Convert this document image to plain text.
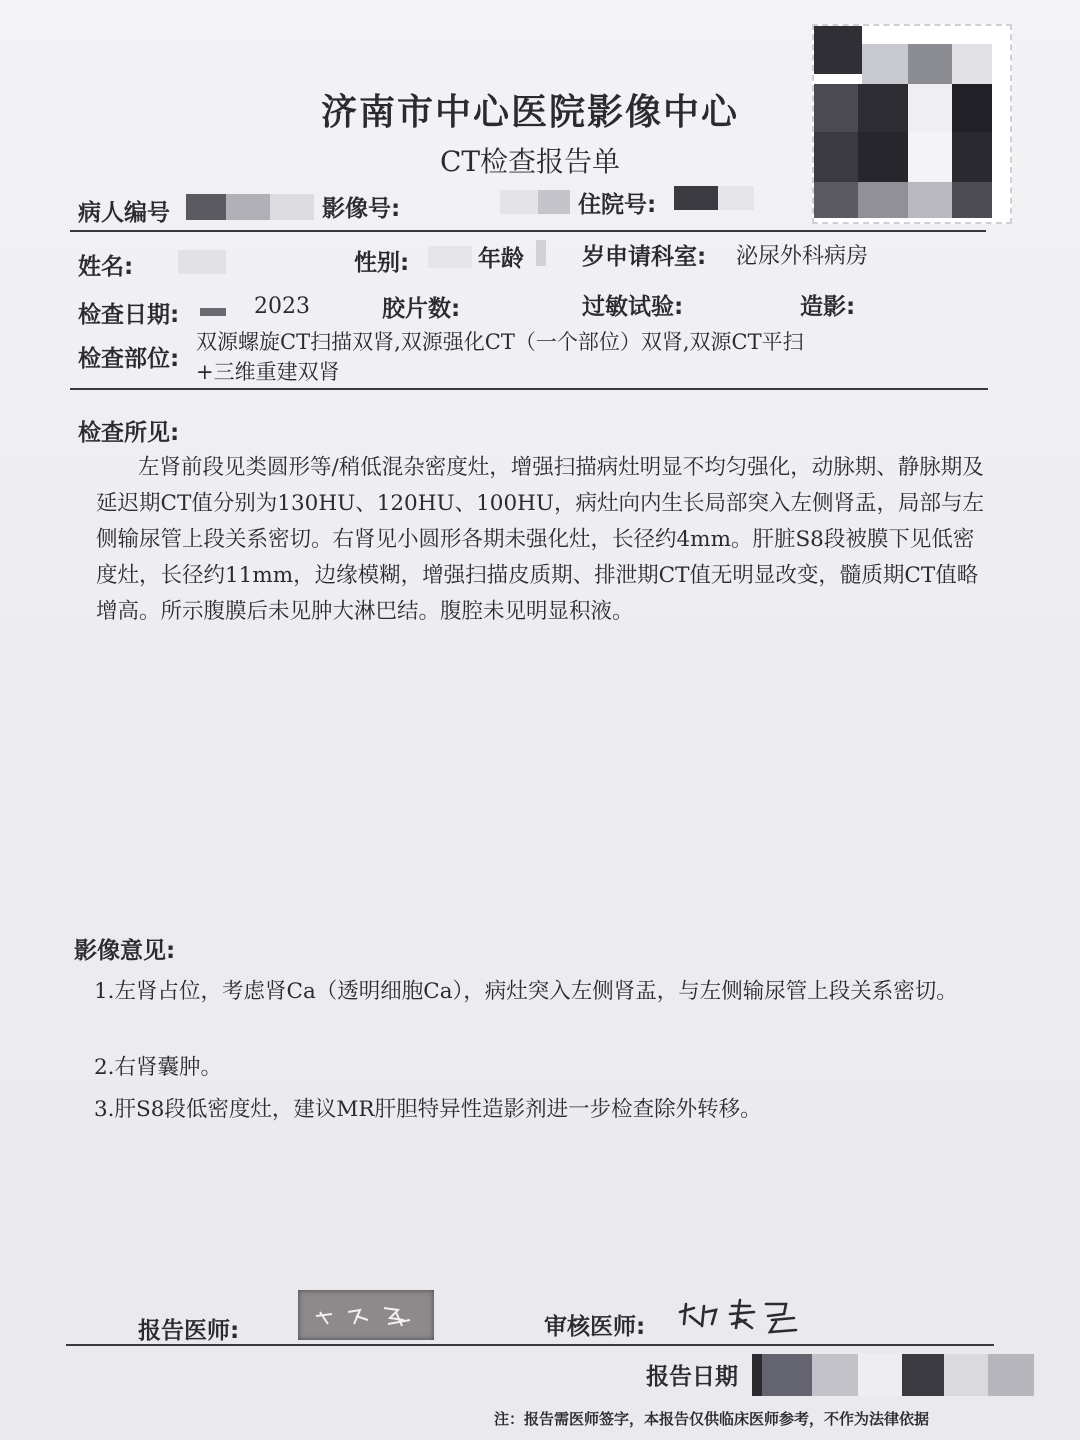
济南市中心医院影像中心
CT检查报告单
病人编号	影像号:	住院号:
姓名:	性别:	年龄	岁申请科室: 泌尿外科病房
检查日期:	2023	胶片数:	过敏试验:	造影:
检查部位:
双源螺旋CT扫描双肾,双源强化CT（一个部位）双肾,双源CT平扫
+三维重建双肾
检查所见:
左肾前段见类圆形等/稍低混杂密度灶，增强扫描病灶明显不均匀强化，动脉期、静脉期及延迟期CT值分别为130HU、120HU、100HU，病灶向内生长局部突入左侧肾盂，局部与左侧输尿管上段关系密切。右肾见小圆形各期未强化灶，长径约4mm。肝脏S8段被膜下见低密度灶，长径约11mm，边缘模糊，增强扫描皮质期、排泄期CT值无明显改变，髓质期CT值略增高。所示腹膜后未见肿大淋巴结。腹腔未见明显积液。
影像意见:
1.左肾占位，考虑肾Ca（透明细胞Ca），病灶突入左侧肾盂，与左侧输尿管上段关系密切。
2.右肾囊肿。
3.肝S8段低密度灶，建议MR肝胆特异性造影剂进一步检查除外转移。
报告医师:	审核医师:
报告日期
注：报告需医师签字，本报告仅供临床医师参考，不作为法律依据
